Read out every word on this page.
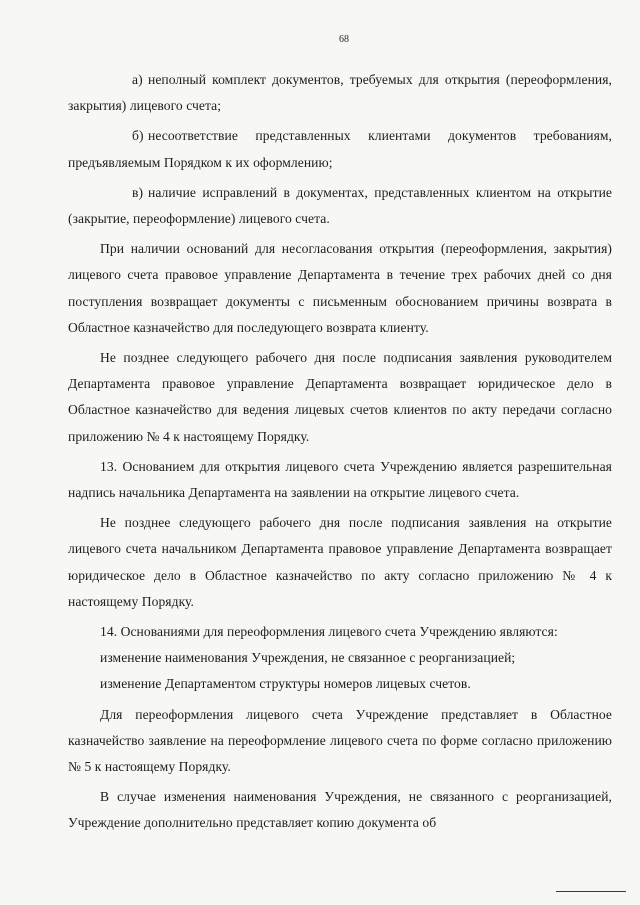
68

а) неполный комплект документов, требуемых для открытия (переоформления, закрытия) лицевого счета;

б) несоответствие представленных клиентами документов требованиям, предъявляемым Порядком к их оформлению;

в) наличие исправлений в документах, представленных клиентом на открытие (закрытие, переоформление) лицевого счета.

При наличии оснований для несогласования открытия (переоформления, закрытия) лицевого счета правовое управление Департамента в течение трех рабочих дней со дня поступления возвращает документы с письменным обоснованием причины возврата в Областное казначейство для последующего возврата клиенту.

Не позднее следующего рабочего дня после подписания заявления руководителем Департамента правовое управление Департамента возвращает юридическое дело в Областное казначейство для ведения лицевых счетов клиентов по акту передачи согласно приложению № 4 к настоящему Порядку.

13. Основанием для открытия лицевого счета Учреждению является разрешительная надпись начальника Департамента на заявлении на открытие лицевого счета.

Не позднее следующего рабочего дня после подписания заявления на открытие лицевого счета начальником Департамента правовое управление Департамента возвращает юридическое дело в Областное казначейство по акту согласно приложению № 4 к настоящему Порядку.

14. Основаниями для переоформления лицевого счета Учреждению являются:

изменение наименования Учреждения, не связанное с реорганизацией;

изменение Департаментом структуры номеров лицевых счетов.

Для переоформления лицевого счета Учреждение представляет в Областное казначейство заявление на переоформление лицевого счета по форме согласно приложению № 5 к настоящему Порядку.

В случае изменения наименования Учреждения, не связанного с реорганизацией, Учреждение дополнительно представляет копию документа об
